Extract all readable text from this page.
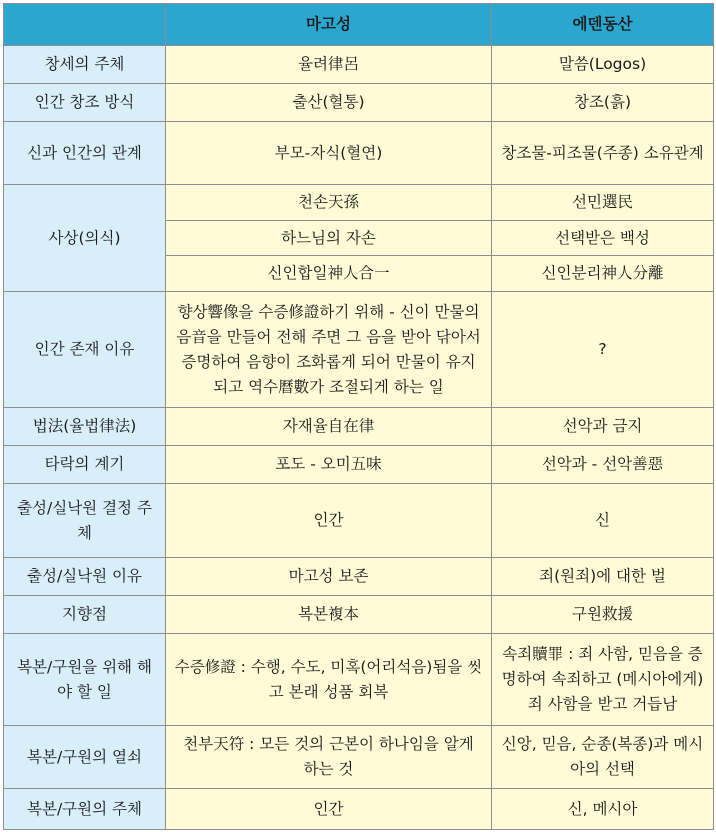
	마고성	에덴동산
창세의 주체	율려律呂	말씀(Logos)
인간 창조 방식	출산(혈통)	창조(흙)
신과 인간의 관계	부모-자식(혈연)	창조물-피조물(주종) 소유관계
사상(의식)	천손天孫	선민選民
	하느님의 자손	선택받은 백성
	신인합일神人合一	신인분리神人分離
인간 존재 이유	향상響像을 수증修證하기 위해 - 신이 만물의 음音을 만들어 전해 주면 그 음을 받아 닦아서 증명하여 음향이 조화롭게 되어 만물이 유지되고 역수曆數가 조절되게 하는 일	?
법法(율법律法)	자재율自在律	선악과 금지
타락의 계기	포도 - 오미五味	선악과 - 선악善惡
출성/실낙원 결정 주체	인간	신
출성/실낙원 이유	마고성 보존	죄(원죄)에 대한 벌
지향점	복본複本	구원救援
복본/구원을 위해 해야 할 일	수증修證 : 수행, 수도, 미혹(어리석음)됨을 씻고 본래 성품 회복	속죄贖罪 : 죄 사함, 믿음을 증명하여 속죄하고 (메시아에게) 죄 사함을 받고 거듭남
복본/구원의 열쇠	천부天符 : 모든 것의 근본이 하나임을 알게 하는 것	신앙, 믿음, 순종(복종)과 메시아의 선택
복본/구원의 주체	인간	신, 메시아
